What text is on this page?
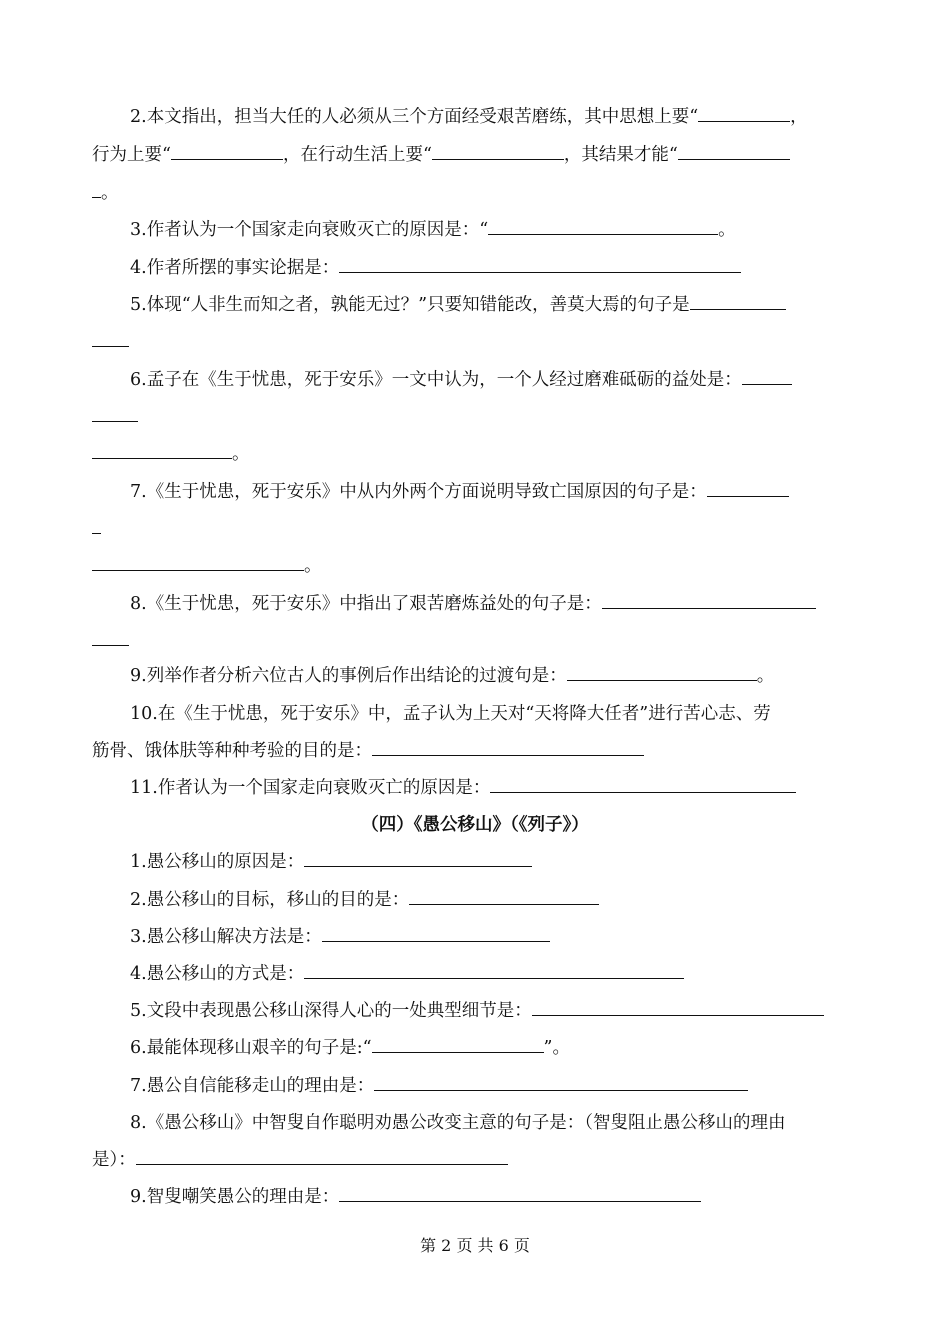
2.本文指出，担当大任的人必须从三个方面经受艰苦磨练，其中思想上要“	，
行为上要“	，在行动生活上要“	，其结果才能“
。
3.作者认为一个国家走向衰败灭亡的原因是：“	。
4.作者所摆的事实论据是：
5.体现“人非生而知之者，孰能无过？”只要知错能改，善莫大焉的句子是
6.孟子在《生于忧患，死于安乐》一文中认为，一个人经过磨难砥砺的益处是：
。
7.《生于忧患，死于安乐》中从内外两个方面说明导致亡国原因的句子是：
。
8.《生于忧患，死于安乐》中指出了艰苦磨炼益处的句子是：
9.列举作者分析六位古人的事例后作出结论的过渡句是：	。
10.在《生于忧患，死于安乐》中，孟子认为上天对“天将降大任者”进行苦心志、劳
筋骨、饿体肤等种种考验的目的是：
11.作者认为一个国家走向衰败灭亡的原因是：
（四）《愚公移山》（《列子》）
1.愚公移山的原因是：
2.愚公移山的目标，移山的目的是：
3.愚公移山解决方法是：
4.愚公移山的方式是：
5.文段中表现愚公移山深得人心的一处典型细节是：
6.最能体现移山艰辛的句子是:“	”。
7.愚公自信能移走山的理由是：
8.《愚公移山》中智叟自作聪明劝愚公改变主意的句子是：（智叟阻止愚公移山的理由
是）：
9.智叟嘲笑愚公的理由是：
第 2 页 共 6 页
